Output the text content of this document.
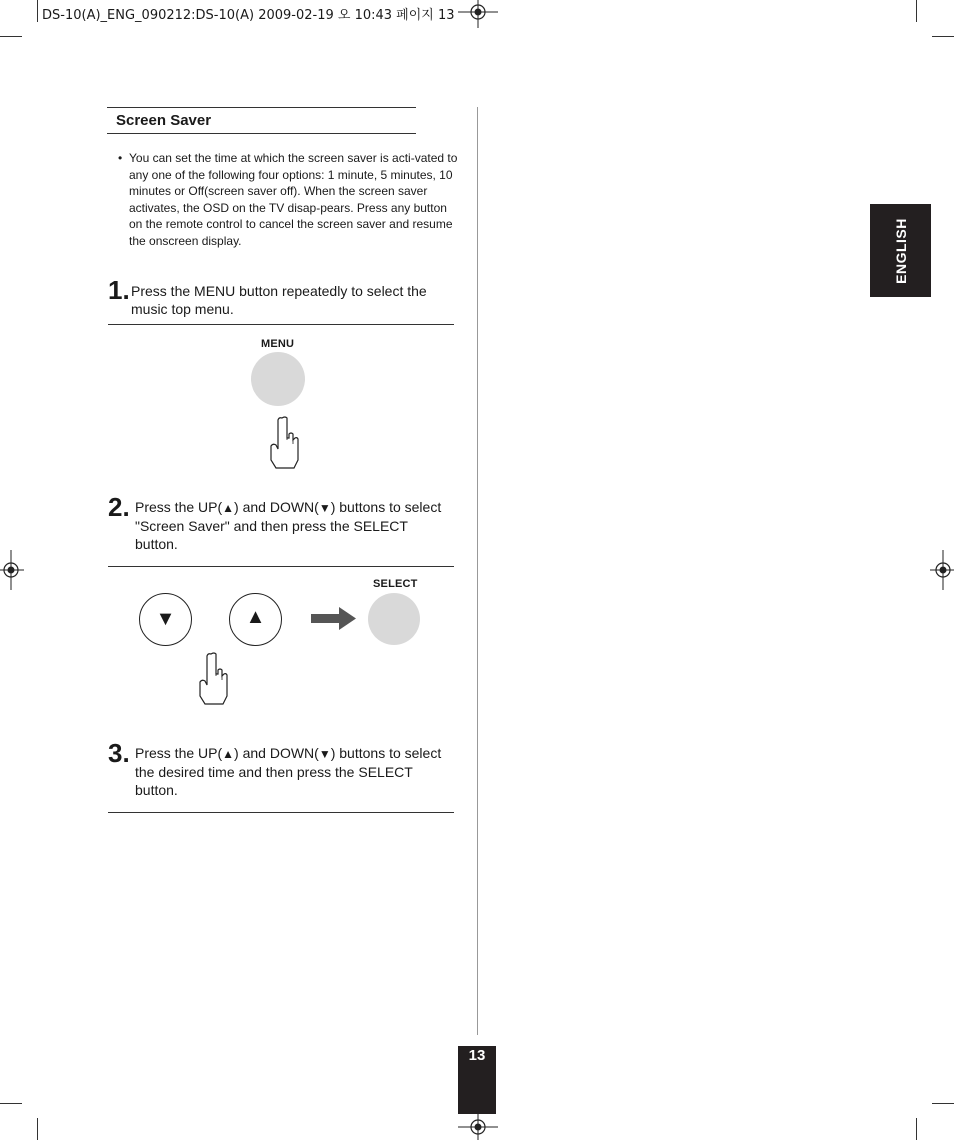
DS-10(A)_ENG_090212:DS-10(A) 2009-02-19 오 10:43 페이지 13
Screen Saver
• You can set the time at which the screen saver is acti-vated to any one of the following four options: 1 minute, 5 minutes, 10 minutes or Off(screen saver off). When the screen saver activates, the OSD on the TV disap-pears. Press any button on the remote control to cancel the screen saver and resume the onscreen display.
1. Press the MENU button repeatedly to select the music top menu.
MENU
2. Press the UP(▲) and DOWN(▼) buttons to select "Screen Saver" and then press the SELECT button.
▼	▲
SELECT
3. Press the UP(▲) and DOWN(▼) buttons to select the desired time and then press the SELECT button.
ENGLISH
13
